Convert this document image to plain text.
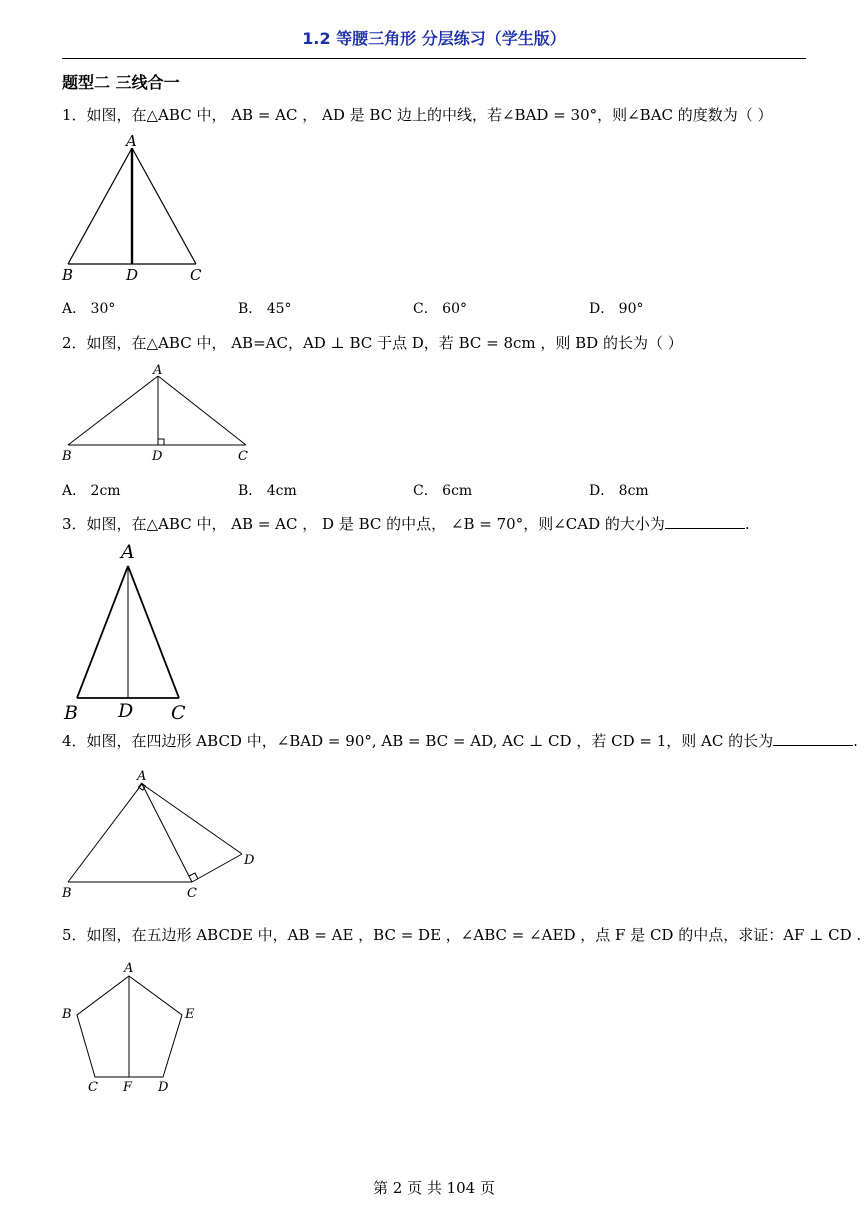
1.2 等腰三角形 分层练习（学生版）
题型二 三线合一
1．如图，在△ABC 中， AB = AC ， AD 是 BC 边上的中线，若∠BAD = 30°，则∠BAC 的度数为（ ）
A
B	D	C
A． 30°	B． 45°	C． 60°	D． 90°
2．如图，在△ABC 中， AB=AC，AD ⊥ BC 于点 D，若 BC = 8cm ，则 BD 的长为（ ）
A
B	D	C
A． 2cm	B． 4cm	C． 6cm	D． 8cm
3．如图，在△ABC 中， AB = AC ， D 是 BC 的中点， ∠B = 70°，则∠CAD 的大小为	.
A
B D C
4．如图，在四边形 ABCD 中，∠BAD = 90°, AB = BC = AD, AC ⊥ CD ，若 CD = 1，则 AC 的长为	.
A
B	C
D
5．如图，在五边形 ABCDE 中，AB = AE ，BC = DE ，∠ABC = ∠AED ，点 F 是 CD 的中点，求证：AF ⊥ CD .
A
B	E
C F D
第 2 页 共 104 页
